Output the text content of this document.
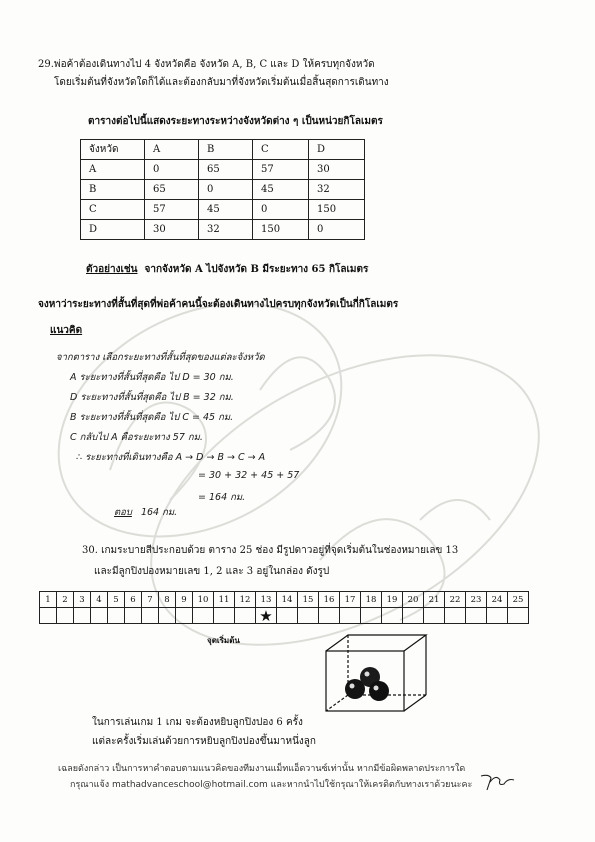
29.พ่อค้าต้องเดินทางไป 4 จังหวัดคือ จังหวัด A, B, C และ D ให้ครบทุกจังหวัด
โดยเริ่มต้นที่จังหวัดใดก็ได้และต้องกลับมาที่จังหวัดเริ่มต้นเมื่อสิ้นสุดการเดินทาง
ตารางต่อไปนี้แสดงระยะทางระหว่างจังหวัดต่าง ๆ เป็นหน่วยกิโลเมตร
จังหวัด	A	B	C	D
A	0	65	57	30
B	65	0	45	32
C	57	45	0	150
D	30	32	150	0
ตัวอย่างเช่น จากจังหวัด A ไปจังหวัด B มีระยะทาง 65 กิโลเมตร
จงหาว่าระยะทางที่สั้นที่สุดที่พ่อค้าคนนี้จะต้องเดินทางไปครบทุกจังหวัดเป็นกี่กิโลเมตร
แนวคิด
จากตาราง เลือกระยะทางที่สั้นที่สุดของแต่ละจังหวัด
A ระยะทางที่สั้นที่สุดคือ ไป D = 30 กม.
D ระยะทางที่สั้นที่สุดคือ ไป B = 32 กม.
B ระยะทางที่สั้นที่สุดคือ ไป C = 45 กม.
C กลับไป A คือระยะทาง 57 กม.
∴ ระยะทางที่เดินทางคือ A → D → B → C → A
= 30 + 32 + 45 + 57
= 164 กม.
ตอบ 164 กม.
30. เกมระบายสีประกอบด้วย ตาราง 25 ช่อง มีรูปดาวอยู่ที่จุดเริ่มต้นในช่องหมายเลข 13
และมีลูกปิงปองหมายเลข 1, 2 และ 3 อยู่ในกล่อง ดังรูป
1	2	3	4	5	6	7	8	9	10	11	12	13	14	15	16	17	18	19	20	21	22	23	24	25
												★												
จุดเริ่มต้น
ในการเล่นเกม 1 เกม จะต้องหยิบลูกปิงปอง 6 ครั้ง
แต่ละครั้งเริ่มเล่นด้วยการหยิบลูกปิงปองขึ้นมาหนึ่งลูก
เฉลยดังกล่าว เป็นการหาคำตอบตามแนวคิดของทีมงานแม็ทแอ็ดวานซ์เท่านั้น หากมีข้อผิดพลาดประการใด
กรุณาแจ้ง mathadvanceschool@hotmail.com และหากนำไปใช้กรุณาให้เครดิตกับทางเราด้วยนะคะ
